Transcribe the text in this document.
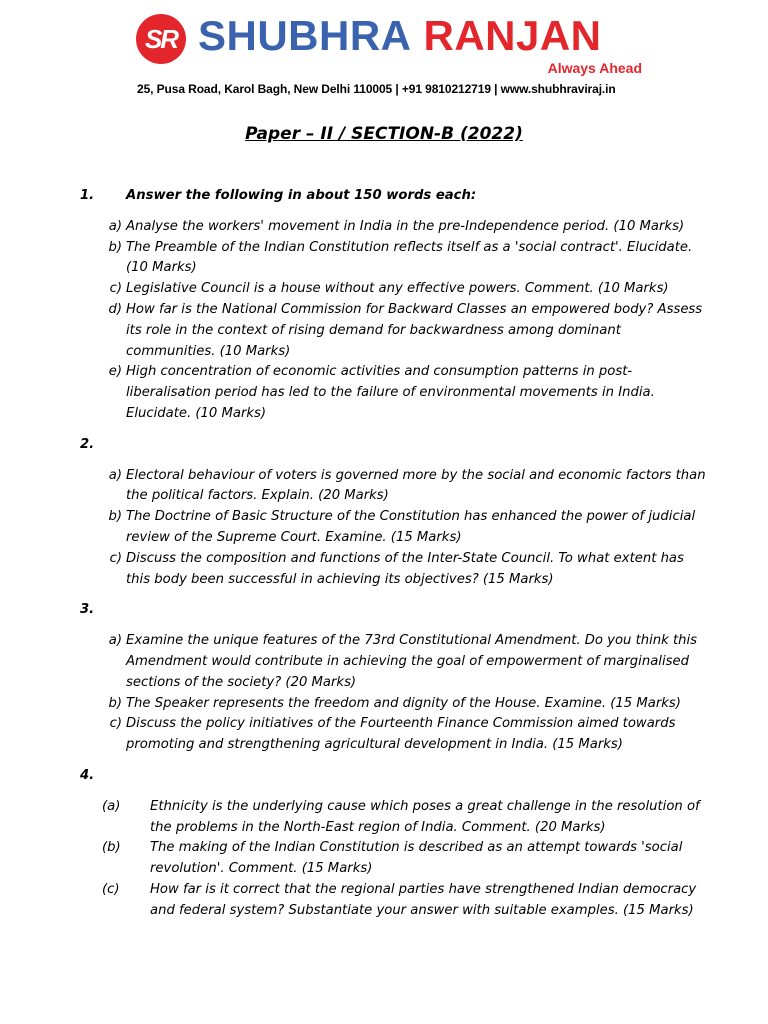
SR SHUBHRA RANJAN
Always Ahead
25, Pusa Road, Karol Bagh, New Delhi 110005 | +91 9810212719 | www.shubhraviraj.in
Paper – II / SECTION-B (2022)
1.	Answer the following in about 150 words each:
a) Analyse the workers' movement in India in the pre-Independence period. (10 Marks)
b) The Preamble of the Indian Constitution reflects itself as a 'social contract'. Elucidate. (10 Marks)
c) Legislative Council is a house without any effective powers. Comment. (10 Marks)
d) How far is the National Commission for Backward Classes an empowered body? Assess its role in the context of rising demand for backwardness among dominant communities. (10 Marks)
e) High concentration of economic activities and consumption patterns in post-liberalisation period has led to the failure of environmental movements in India. Elucidate. (10 Marks)
2.
a) Electoral behaviour of voters is governed more by the social and economic factors than the political factors. Explain. (20 Marks)
b) The Doctrine of Basic Structure of the Constitution has enhanced the power of judicial review of the Supreme Court. Examine. (15 Marks)
c) Discuss the composition and functions of the Inter-State Council. To what extent has this body been successful in achieving its objectives? (15 Marks)
3.
a) Examine the unique features of the 73rd Constitutional Amendment. Do you think this Amendment would contribute in achieving the goal of empowerment of marginalised sections of the society? (20 Marks)
b) The Speaker represents the freedom and dignity of the House. Examine. (15 Marks)
c) Discuss the policy initiatives of the Fourteenth Finance Commission aimed towards promoting and strengthening agricultural development in India. (15 Marks)
4.
(a)	Ethnicity is the underlying cause which poses a great challenge in the resolution of the problems in the North-East region of India. Comment. (20 Marks)
(b)	The making of the Indian Constitution is described as an attempt towards 'social revolution'. Comment. (15 Marks)
(c)	How far is it correct that the regional parties have strengthened Indian democracy and federal system? Substantiate your answer with suitable examples. (15 Marks)
